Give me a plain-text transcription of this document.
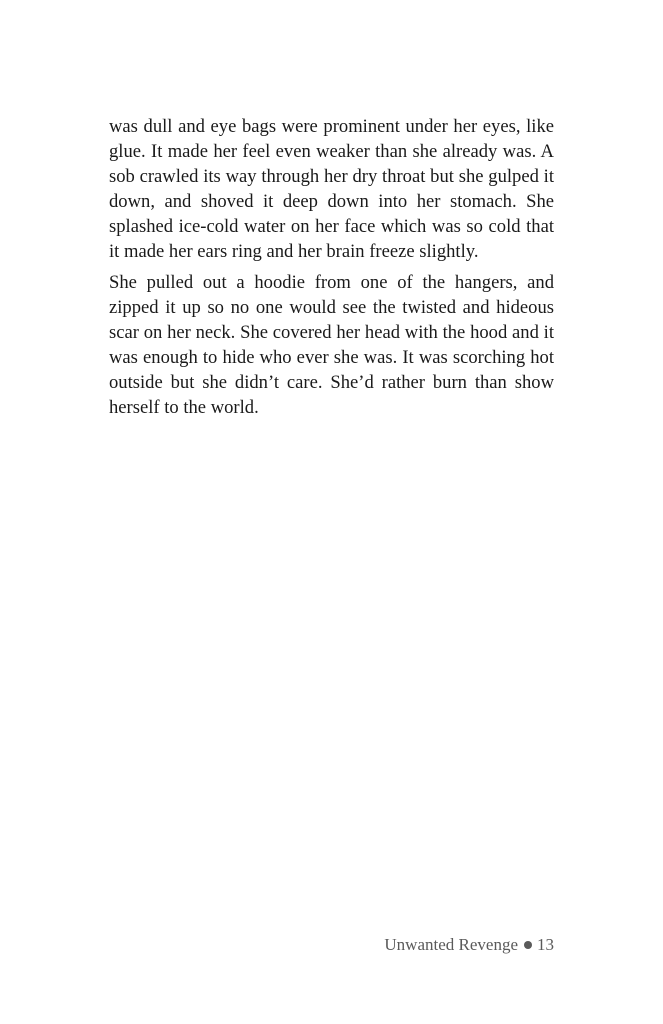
was dull and eye bags were prominent under her eyes, like glue. It made her feel even weaker than she already was. A sob crawled its way through her dry throat but she gulped it down, and shoved it deep down into her stomach. She splashed ice-cold water on her face which was so cold that it made her ears ring and her brain freeze slightly.

She pulled out a hoodie from one of the hangers, and zipped it up so no one would see the twisted and hideous scar on her neck. She covered her head with the hood and it was enough to hide who ever she was. It was scorching hot outside but she didn’t care. She’d rather burn than show herself to the world.

Unwanted Revenge 13
